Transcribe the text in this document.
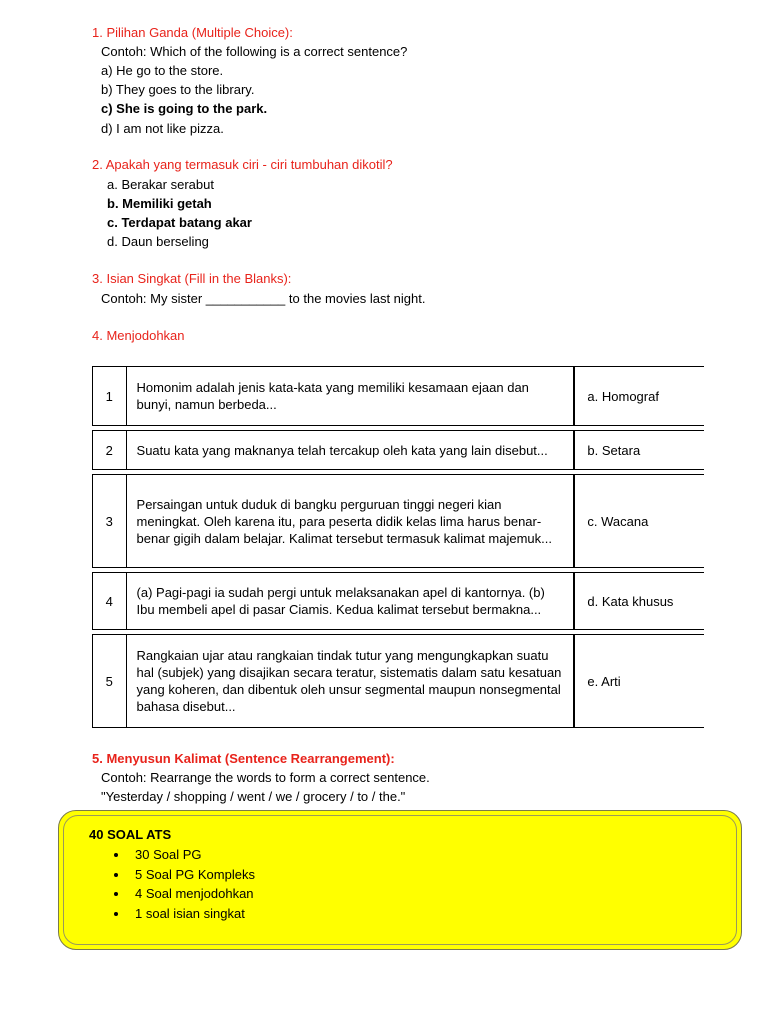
1. Pilihan Ganda (Multiple Choice):
Contoh: Which of the following is a correct sentence?
a) He go to the store.
b) They goes to the library.
c) She is going to the park.
d) I am not like pizza.
2. Apakah yang termasuk ciri - ciri tumbuhan dikotil?
a. Berakar serabut
b. Memiliki getah
c. Terdapat batang akar
d. Daun berseling
3. Isian Singkat (Fill in the Blanks):
Contoh: My sister ___________ to the movies last night.
4. Menjodohkan
1	Homonim adalah jenis kata-kata yang memiliki kesamaan ejaan dan bunyi, namun berbeda...	a. Homograf

2	Suatu kata yang maknanya telah tercakup oleh kata yang lain disebut...	b. Setara

3	Persaingan untuk duduk di bangku perguruan tinggi negeri kian meningkat. Oleh karena itu, para peserta didik kelas lima harus benar-benar gigih dalam belajar. Kalimat tersebut termasuk kalimat majemuk...	c. Wacana

4	(a) Pagi-pagi ia sudah pergi untuk melaksanakan apel di kantornya. (b) Ibu membeli apel di pasar Ciamis. Kedua kalimat tersebut bermakna...	d. Kata khusus

5	Rangkaian ujar atau rangkaian tindak tutur yang mengungkapkan suatu hal (subjek) yang disajikan secara teratur, sistematis dalam satu kesatuan yang koheren, dan dibentuk oleh unsur segmental maupun nonsegmental bahasa disebut...	e. Arti
5. Menyusun Kalimat (Sentence Rearrangement):
Contoh: Rearrange the words to form a correct sentence.
"Yesterday / shopping / went / we / grocery / to / the."
40 SOAL ATS
• 30 Soal PG
• 5 Soal PG Kompleks
• 4 Soal menjodohkan
• 1 soal isian singkat
